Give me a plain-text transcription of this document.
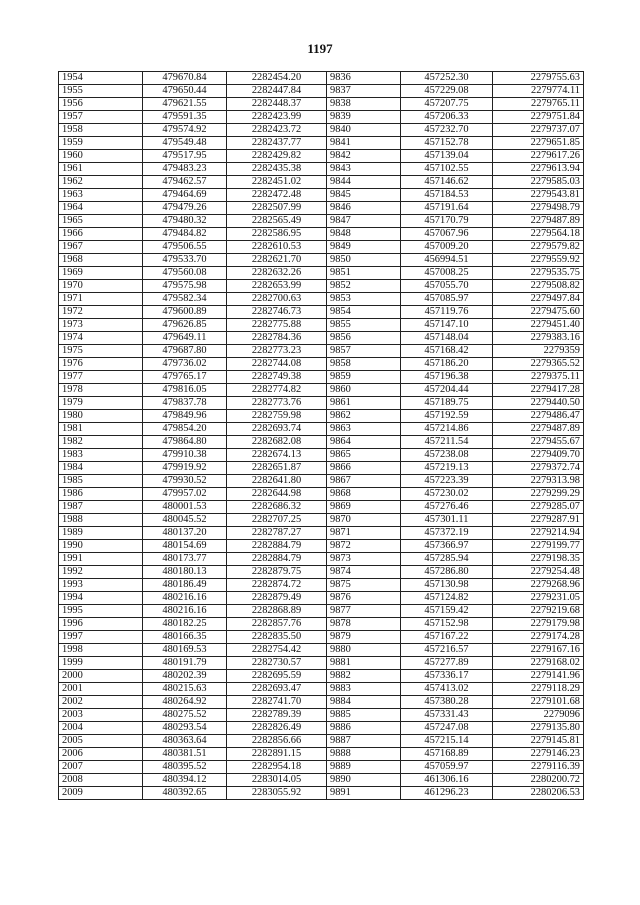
1197
1954	479670.84	2282454.20	9836	457252.30	2279755.63
1955	479650.44	2282447.84	9837	457229.08	2279774.11
1956	479621.55	2282448.37	9838	457207.75	2279765.11
1957	479591.35	2282423.99	9839	457206.33	2279751.84
1958	479574.92	2282423.72	9840	457232.70	2279737.07
1959	479549.48	2282437.77	9841	457152.78	2279651.85
1960	479517.95	2282429.82	9842	457139.04	2279617.26
1961	479483.23	2282435.38	9843	457102.55	2279613.94
1962	479462.57	2282451.02	9844	457146.62	2279585.03
1963	479464.69	2282472.48	9845	457184.53	2279543.81
1964	479479.26	2282507.99	9846	457191.64	2279498.79
1965	479480.32	2282565.49	9847	457170.79	2279487.89
1966	479484.82	2282586.95	9848	457067.96	2279564.18
1967	479506.55	2282610.53	9849	457009.20	2279579.82
1968	479533.70	2282621.70	9850	456994.51	2279559.92
1969	479560.08	2282632.26	9851	457008.25	2279535.75
1970	479575.98	2282653.99	9852	457055.70	2279508.82
1971	479582.34	2282700.63	9853	457085.97	2279497.84
1972	479600.89	2282746.73	9854	457119.76	2279475.60
1973	479626.85	2282775.88	9855	457147.10	2279451.40
1974	479649.11	2282784.36	9856	457148.04	2279383.16
1975	479687.80	2282773.23	9857	457168.42	2279359
1976	479736.02	2282744.08	9858	457186.20	2279365.52
1977	479765.17	2282749.38	9859	457196.38	2279375.11
1978	479816.05	2282774.82	9860	457204.44	2279417.28
1979	479837.78	2282773.76	9861	457189.75	2279440.50
1980	479849.96	2282759.98	9862	457192.59	2279486.47
1981	479854.20	2282693.74	9863	457214.86	2279487.89
1982	479864.80	2282682.08	9864	457211.54	2279455.67
1983	479910.38	2282674.13	9865	457238.08	2279409.70
1984	479919.92	2282651.87	9866	457219.13	2279372.74
1985	479930.52	2282641.80	9867	457223.39	2279313.98
1986	479957.02	2282644.98	9868	457230.02	2279299.29
1987	480001.53	2282686.32	9869	457276.46	2279285.07
1988	480045.52	2282707.25	9870	457301.11	2279287.91
1989	480137.20	2282787.27	9871	457372.19	2279214.94
1990	480154.69	2282884.79	9872	457366.97	2279199.77
1991	480173.77	2282884.79	9873	457285.94	2279198.35
1992	480180.13	2282879.75	9874	457286.80	2279254.48
1993	480186.49	2282874.72	9875	457130.98	2279268.96
1994	480216.16	2282879.49	9876	457124.82	2279231.05
1995	480216.16	2282868.89	9877	457159.42	2279219.68
1996	480182.25	2282857.76	9878	457152.98	2279179.98
1997	480166.35	2282835.50	9879	457167.22	2279174.28
1998	480169.53	2282754.42	9880	457216.57	2279167.16
1999	480191.79	2282730.57	9881	457277.89	2279168.02
2000	480202.39	2282695.59	9882	457336.17	2279141.96
2001	480215.63	2282693.47	9883	457413.02	2279118.29
2002	480264.92	2282741.70	9884	457380.28	2279101.68
2003	480275.52	2282789.39	9885	457331.43	2279096
2004	480293.54	2282826.49	9886	457247.08	2279135.80
2005	480363.64	2282856.66	9887	457215.14	2279145.81
2006	480381.51	2282891.15	9888	457168.89	2279146.23
2007	480395.52	2282954.18	9889	457059.97	2279116.39
2008	480394.12	2283014.05	9890	461306.16	2280200.72
2009	480392.65	2283055.92	9891	461296.23	2280206.53
